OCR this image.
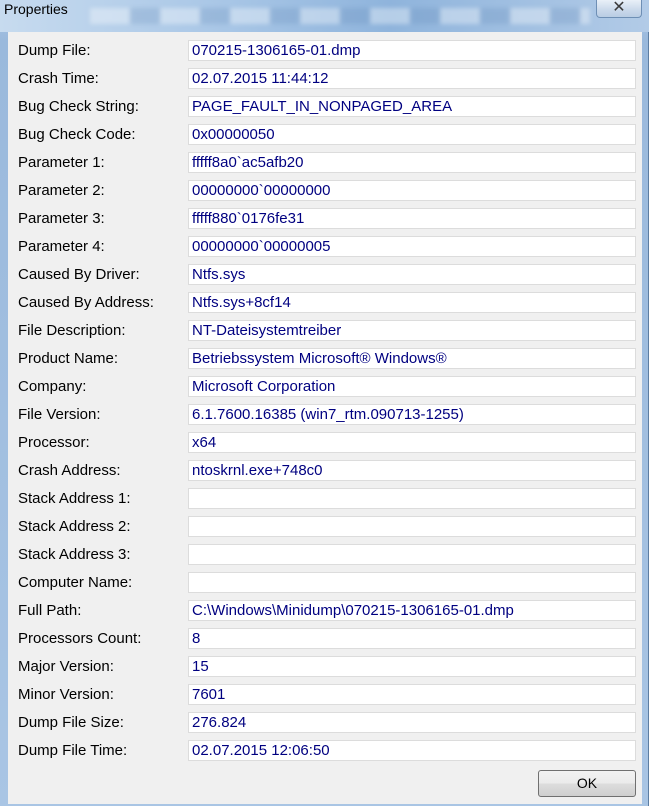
Properties	✕
Dump File:	070215-1306165-01.dmp
Crash Time:	02.07.2015 11:44:12
Bug Check String:	PAGE_FAULT_IN_NONPAGED_AREA
Bug Check Code:	0x00000050
Parameter 1:	fffff8a0`ac5afb20
Parameter 2:	00000000`00000000
Parameter 3:	fffff880`0176fe31
Parameter 4:	00000000`00000005
Caused By Driver:	Ntfs.sys
Caused By Address:	Ntfs.sys+8cf14
File Description:	NT-Dateisystemtreiber
Product Name:	Betriebssystem Microsoft® Windows®
Company:	Microsoft Corporation
File Version:	6.1.7600.16385 (win7_rtm.090713-1255)
Processor:	x64
Crash Address:	ntoskrnl.exe+748c0
Stack Address 1:
Stack Address 2:
Stack Address 3:
Computer Name:
Full Path:	C:\Windows\Minidump\070215-1306165-01.dmp
Processors Count:	8
Major Version:	15
Minor Version:	7601
Dump File Size:	276.824
Dump File Time:	02.07.2015 12:06:50
OK
